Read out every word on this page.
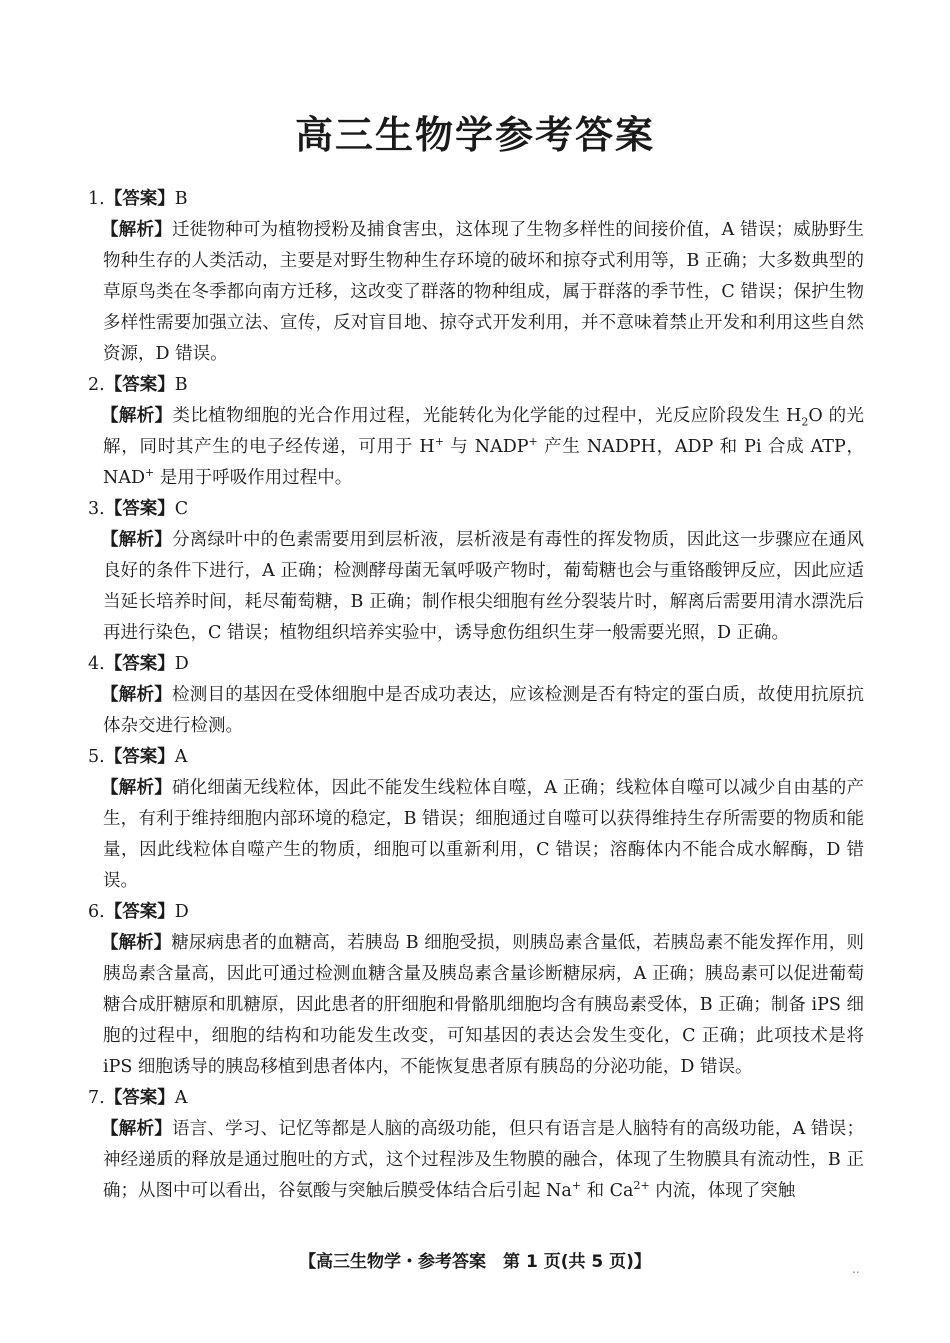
高三生物学参考答案
1.【答案】B
【解析】迁徙物种可为植物授粉及捕食害虫，这体现了生物多样性的间接价值，A 错误；威胁野生物种生存的人类活动，主要是对野生物种生存环境的破坏和掠夺式利用等，B 正确；大多数典型的草原鸟类在冬季都向南方迁移，这改变了群落的物种组成，属于群落的季节性，C 错误；保护生物多样性需要加强立法、宣传，反对盲目地、掠夺式开发利用，并不意味着禁止开发和利用这些自然资源，D 错误。
2.【答案】B
【解析】类比植物细胞的光合作用过程，光能转化为化学能的过程中，光反应阶段发生 $H_2O$ 的光解，同时其产生的电子经传递，可用于 H+ 与 NADP+ 产生 NADPH，ADP 和 Pi 合成 ATP，NAD+ 是用于呼吸作用过程中。
3.【答案】C
【解析】分离绿叶中的色素需要用到层析液，层析液是有毒性的挥发物质，因此这一步骤应在通风良好的条件下进行，A 正确；检测酵母菌无氧呼吸产物时，葡萄糖也会与重铬酸钾反应，因此应适当延长培养时间，耗尽葡萄糖，B 正确；制作根尖细胞有丝分裂装片时，解离后需要用清水漂洗后再进行染色，C 错误；植物组织培养实验中，诱导愈伤组织生芽一般需要光照，D 正确。
4.【答案】D
【解析】检测目的基因在受体细胞中是否成功表达，应该检测是否有特定的蛋白质，故使用抗原抗体杂交进行检测。
5.【答案】A
【解析】硝化细菌无线粒体，因此不能发生线粒体自噬，A 正确；线粒体自噬可以减少自由基的产生，有利于维持细胞内部环境的稳定，B 错误；细胞通过自噬可以获得维持生存所需要的物质和能量，因此线粒体自噬产生的物质，细胞可以重新利用，C 错误；溶酶体内不能合成水解酶，D 错误。
6.【答案】D
【解析】糖尿病患者的血糖高，若胰岛 B 细胞受损，则胰岛素含量低，若胰岛素不能发挥作用，则胰岛素含量高，因此可通过检测血糖含量及胰岛素含量诊断糖尿病，A 正确；胰岛素可以促进葡萄糖合成肝糖原和肌糖原，因此患者的肝细胞和骨骼肌细胞均含有胰岛素受体，B 正确；制备 iPS 细胞的过程中，细胞的结构和功能发生改变，可知基因的表达会发生变化，C 正确；此项技术是将 iPS 细胞诱导的胰岛移植到患者体内，不能恢复患者原有胰岛的分泌功能，D 错误。
7.【答案】A
【解析】语言、学习、记忆等都是人脑的高级功能，但只有语言是人脑特有的高级功能，A 错误；神经递质的释放是通过胞吐的方式，这个过程涉及生物膜的融合，体现了生物膜具有流动性，B 正确；从图中可以看出，谷氨酸与突触后膜受体结合后引起 Na+ 和 $Ca^{2+}$ 内流，体现了突触
【高三生物学・参考答案　第 1 页(共 5 页)】	..
